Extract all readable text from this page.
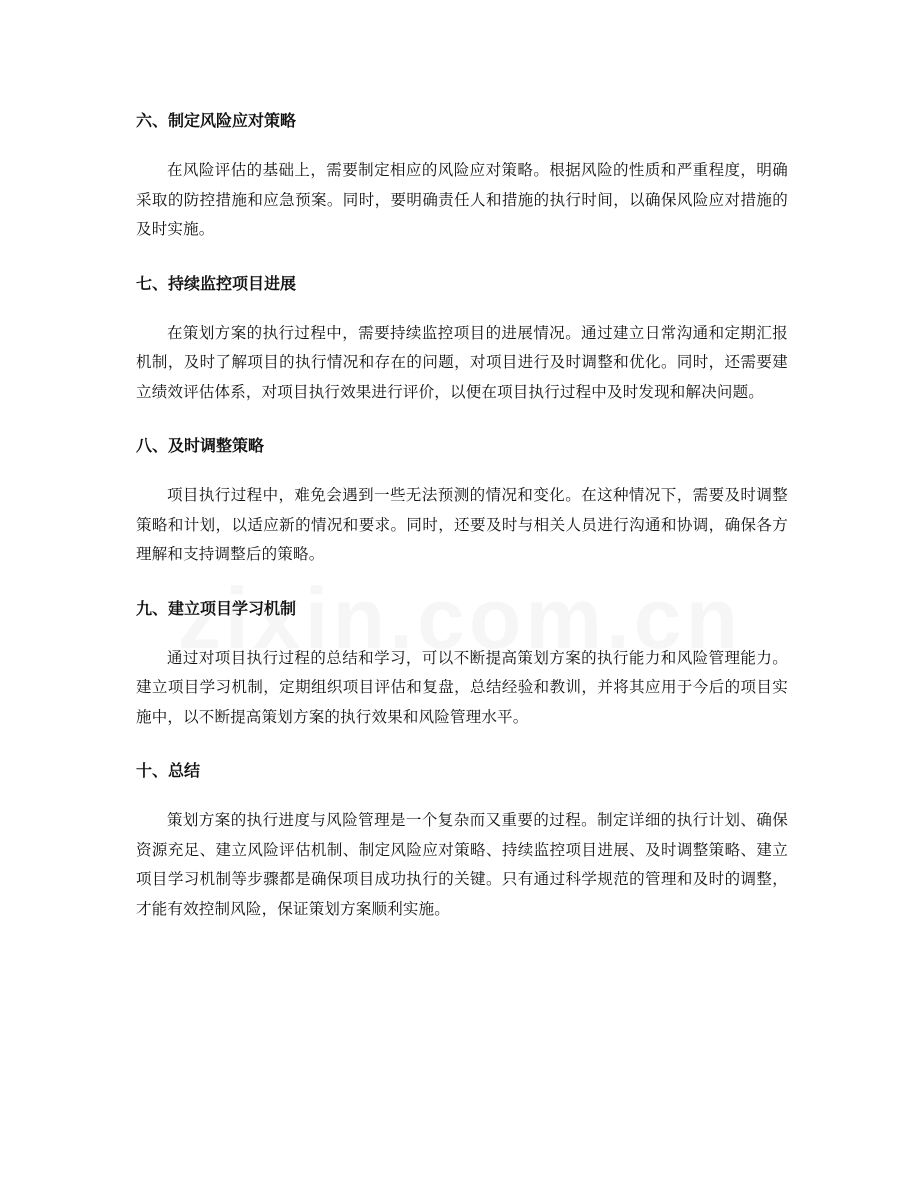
六、制定风险应对策略

在风险评估的基础上，需要制定相应的风险应对策略。根据风险的性质和严重程度，明确采取的防控措施和应急预案。同时，要明确责任人和措施的执行时间，以确保风险应对措施的及时实施。

七、持续监控项目进展

在策划方案的执行过程中，需要持续监控项目的进展情况。通过建立日常沟通和定期汇报机制，及时了解项目的执行情况和存在的问题，对项目进行及时调整和优化。同时，还需要建立绩效评估体系，对项目执行效果进行评价，以便在项目执行过程中及时发现和解决问题。

八、及时调整策略

项目执行过程中，难免会遇到一些无法预测的情况和变化。在这种情况下，需要及时调整策略和计划，以适应新的情况和要求。同时，还要及时与相关人员进行沟通和协调，确保各方理解和支持调整后的策略。

九、建立项目学习机制

通过对项目执行过程的总结和学习，可以不断提高策划方案的执行能力和风险管理能力。建立项目学习机制，定期组织项目评估和复盘，总结经验和教训，并将其应用于今后的项目实施中，以不断提高策划方案的执行效果和风险管理水平。

十、总结

策划方案的执行进度与风险管理是一个复杂而又重要的过程。制定详细的执行计划、确保资源充足、建立风险评估机制、制定风险应对策略、持续监控项目进展、及时调整策略、建立项目学习机制等步骤都是确保项目成功执行的关键。只有通过科学规范的管理和及时的调整，才能有效控制风险，保证策划方案顺利实施。
